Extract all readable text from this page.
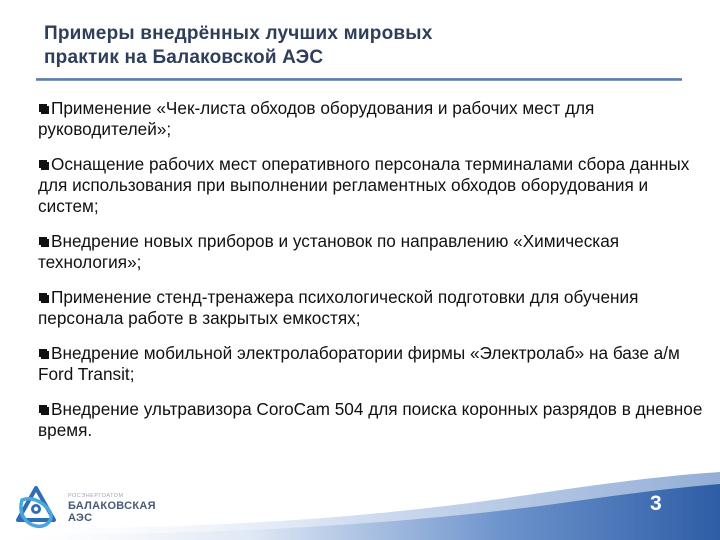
Примеры внедрённых лучших мировых
практик на Балаковской АЭС
Применение «Чек-листа обходов оборудования и рабочих мест для руководителей»;
Оснащение рабочих мест оперативного персонала терминалами сбора данных для использования при выполнении регламентных обходов оборудования и систем;
Внедрение новых приборов и установок по направлению «Химическая технология»;
Применение стенд-тренажера психологической подготовки для обучения персонала работе в закрытых емкостях;
Внедрение мобильной электролаборатории фирмы «Электролаб» на базе а/м Ford Transit;
Внедрение ультравизора CoroCam 504 для поиска коронных разрядов в дневное время.
РОСЭНЕРГОАТОМ
БАЛАКОВСКАЯ
АЭС
3
